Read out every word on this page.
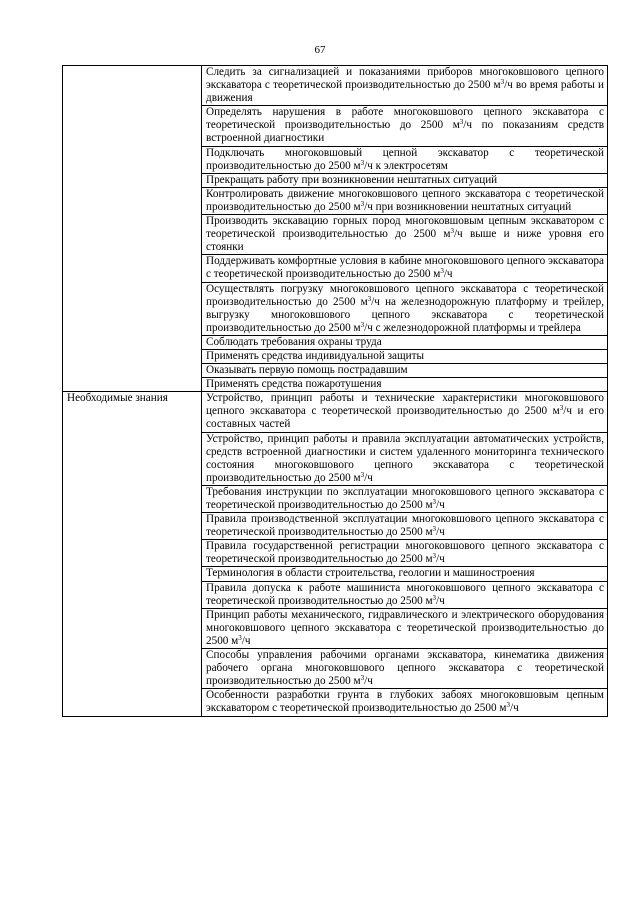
67

	Следить за сигнализацией и показаниями приборов многоковшового цепного экскаватора с теоретической производительностью до 2500 $м^3/ч$ во время работы и движения

	Определять нарушения в работе многоковшового цепного экскаватора с теоретической производительностью до 2500 $м^3/ч$ по показаниям средств встроенной диагностики

	Подключать многоковшовый цепной экскаватор с теоретической производительностью до 2500 $м^3/ч$ к электросетям

	Прекращать работу при возникновении нештатных ситуаций

	Контролировать движение многоковшового цепного экскаватора с теоретической производительностью до 2500 $м^3/ч$ при возникновении нештатных ситуаций

	Производить экскавацию горных пород многоковшовым цепным экскаватором с теоретической производительностью до 2500 $м^3/ч$ выше и ниже уровня его стоянки

	Поддерживать комфортные условия в кабине многоковшового цепного экскаватора с теоретической производительностью до 2500 $м^3/ч$

	Осуществлять погрузку многоковшового цепного экскаватора с теоретической производительностью до 2500 $м^3/ч$ на железнодорожную платформу и трейлер, выгрузку многоковшового цепного экскаватора с теоретической производительностью до 2500 $м^3/ч$ с железнодорожной платформы и трейлера

	Соблюдать требования охраны труда

	Применять средства индивидуальной защиты

	Оказывать первую помощь пострадавшим

	Применять средства пожаротушения

Необходимые знания	Устройство, принцип работы и технические характеристики многоковшового цепного экскаватора с теоретической производительностью до 2500 $м^3/ч$ и его составных частей

	Устройство, принцип работы и правила эксплуатации автоматических устройств, средств встроенной диагностики и систем удаленного мониторинга технического состояния многоковшового цепного экскаватора с теоретической производительностью до 2500 $м^3/ч$

	Требования инструкции по эксплуатации многоковшового цепного экскаватора с теоретической производительностью до 2500 $м^3/ч$

	Правила производственной эксплуатации многоковшового цепного экскаватора с теоретической производительностью до 2500 $м^3/ч$

	Правила государственной регистрации многоковшового цепного экскаватора с теоретической производительностью до 2500 $м^3/ч$

	Терминология в области строительства, геологии и машиностроения

	Правила допуска к работе машиниста многоковшового цепного экскаватора с теоретической производительностью до 2500 $м^3/ч$

	Принцип работы механического, гидравлического и электрического оборудования многоковшового цепного экскаватора с теоретической производительностью до 2500 $м^3/ч$

	Способы управления рабочими органами экскаватора, кинематика движения рабочего органа многоковшового цепного экскаватора с теоретической производительностью до 2500 $м^3/ч$

	Особенности разработки грунта в глубоких забоях многоковшовым цепным экскаватором с теоретической производительностью до 2500 $м^3/ч$
